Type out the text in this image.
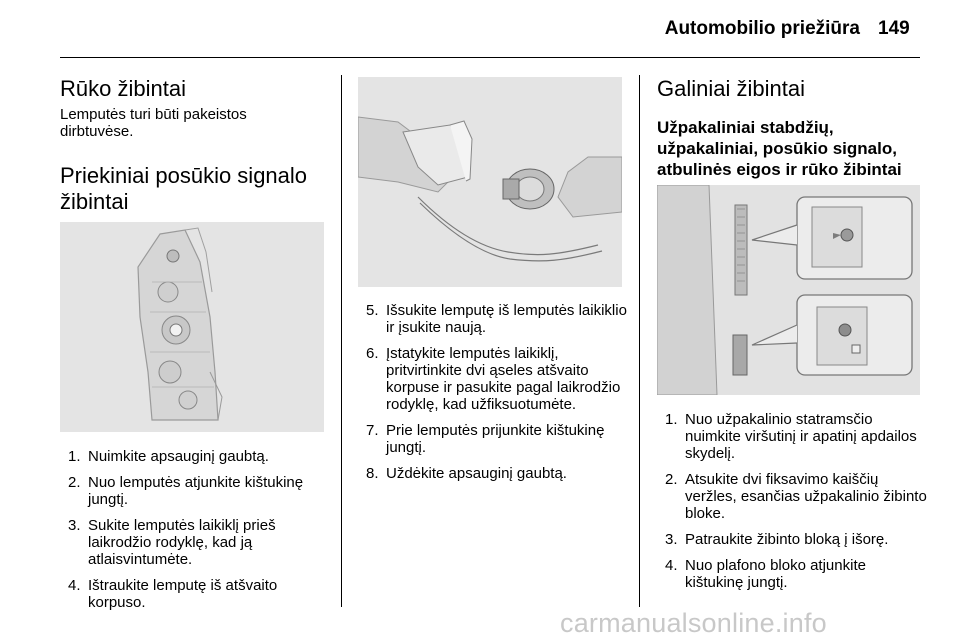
Automobilio priežiūra 149
Rūko žibintai

Lemputės turi būti pakeistos dirbtuvėse.

Priekiniai posūkio signalo žibintai
1. Nuimkite apsauginį gaubtą.
2. Nuo lemputės atjunkite kištukinę jungtį.
3. Sukite lemputės laikiklį prieš laikrodžio rodyklę, kad ją atlaisvintumėte.
4. Ištraukite lemputę iš atšvaito korpuso.
5. Išsukite lemputę iš lemputės laikiklio ir įsukite naują.
6. Įstatykite lemputės laikiklį, pritvirtinkite dvi ąseles atšvaito korpuse ir pasukite pagal laikrodžio rodyklę, kad užfiksuotumėte.
7. Prie lemputės prijunkite kištukinę jungtį.
8. Uždėkite apsauginį gaubtą.
Galiniai žibintai
Užpakaliniai stabdžių, užpakaliniai, posūkio signalo, atbulinės eigos ir rūko žibintai
1. Nuo užpakalinio statramsčio nuimkite viršutinį ir apatinį apdailos skydelį.
2. Atsukite dvi fiksavimo kaiščių veržles, esančias užpakalinio žibinto bloke.
3. Patraukite žibinto bloką į išorę.
4. Nuo plafono bloko atjunkite kištukinę jungtį.
carmanualsonline.info
